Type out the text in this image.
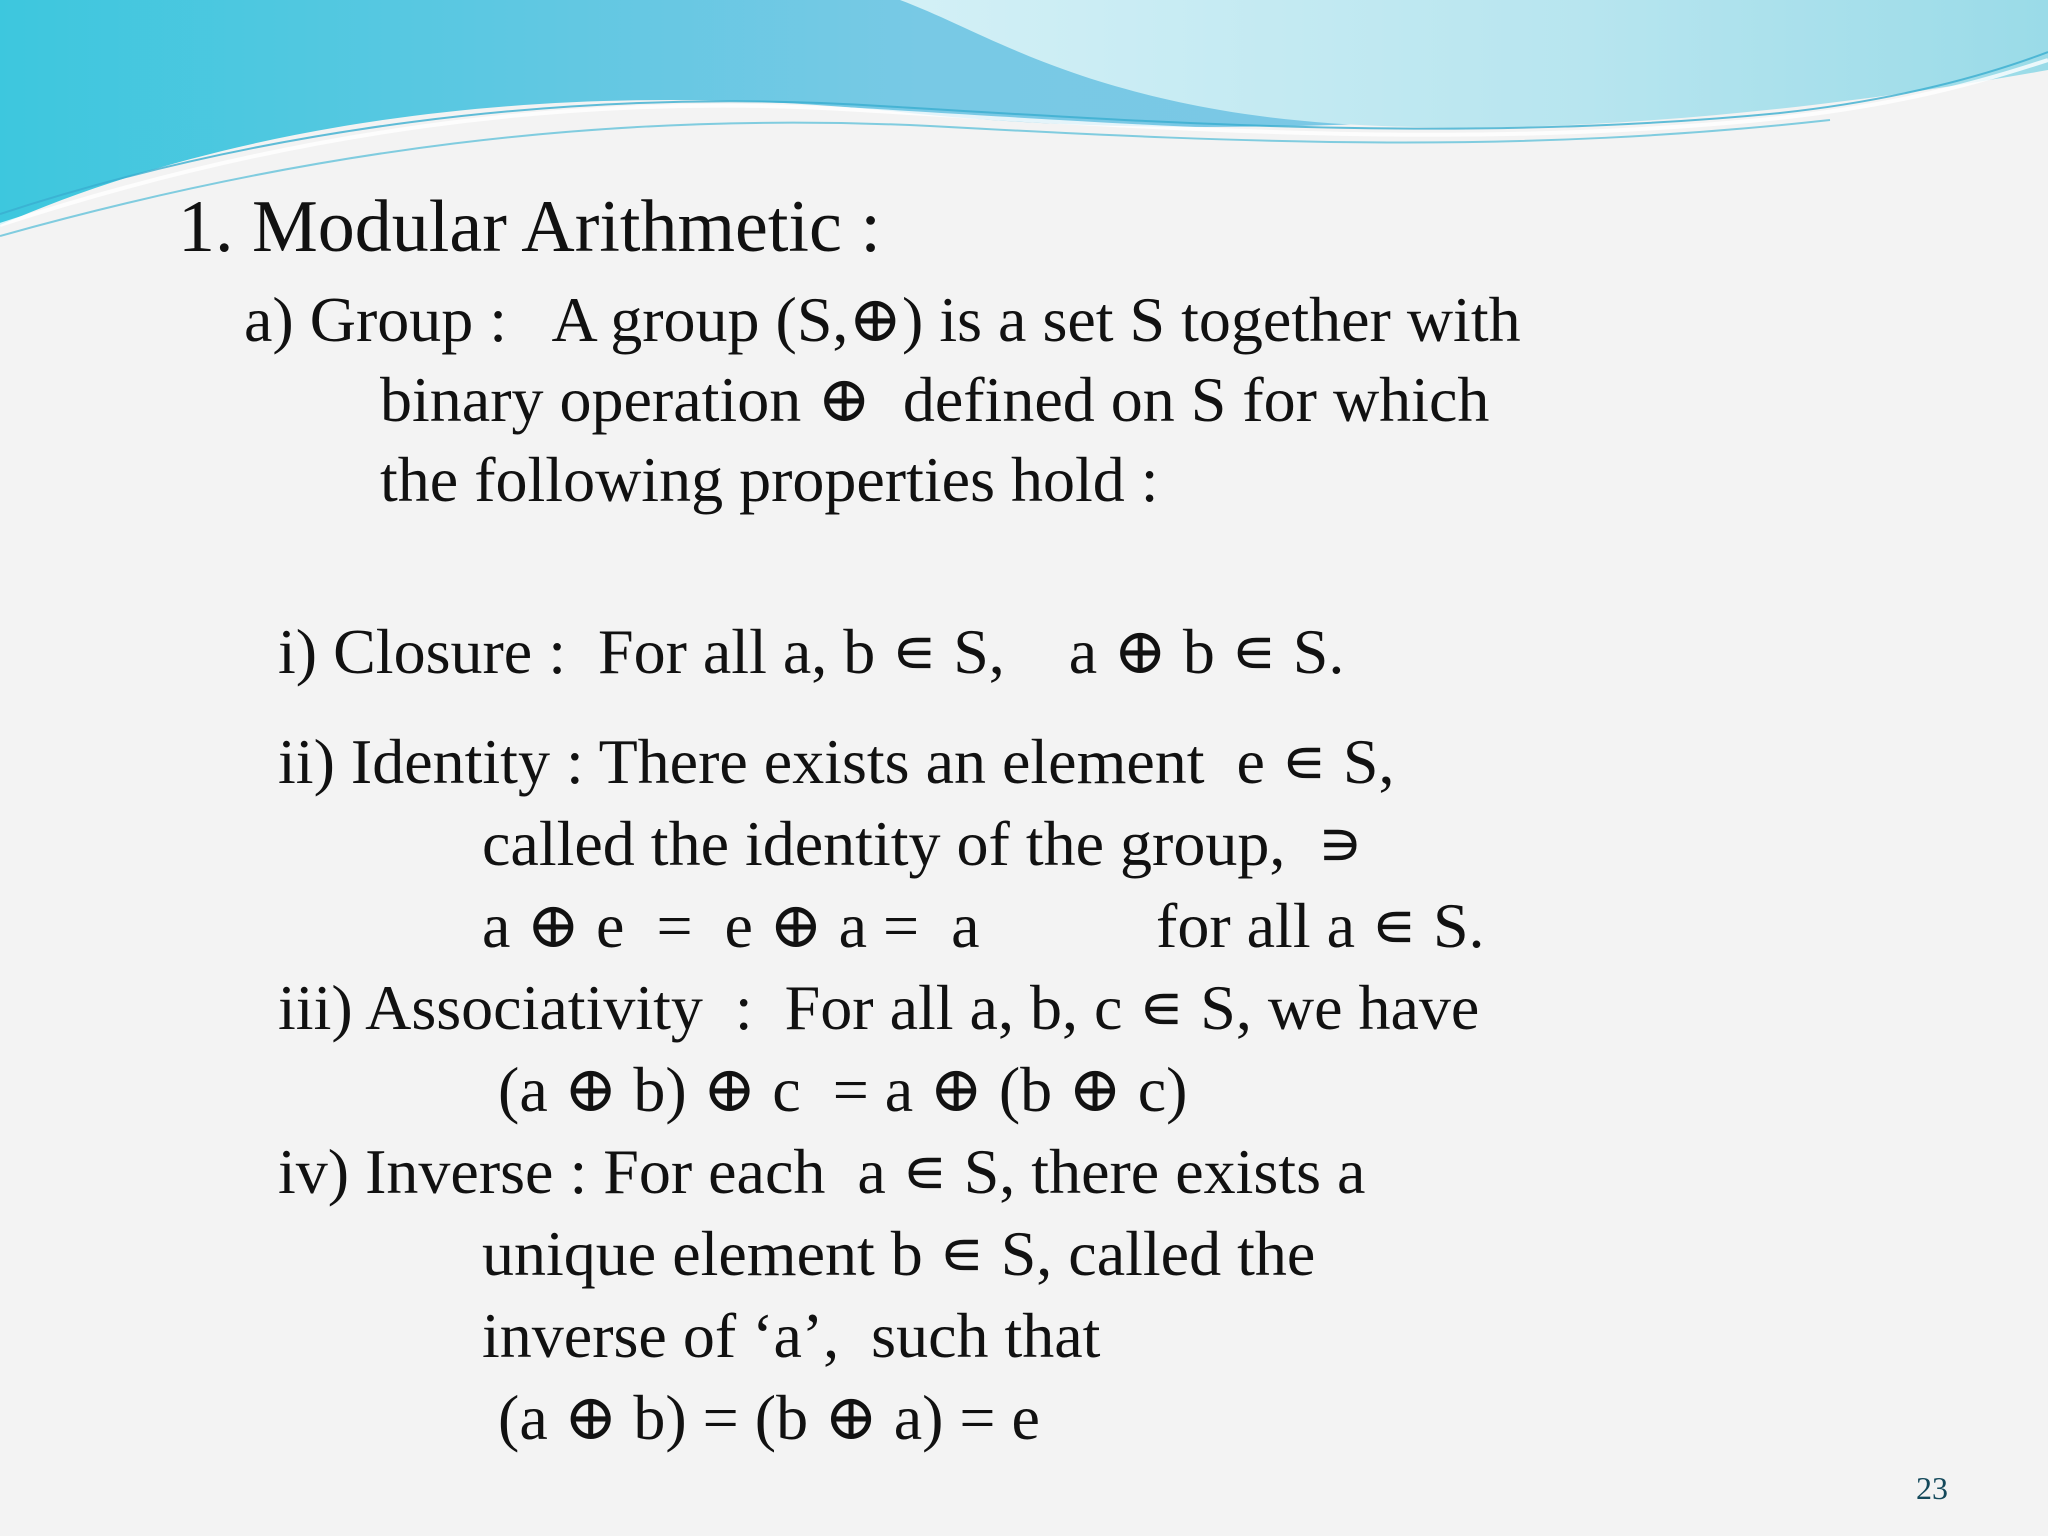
1. Modular Arithmetic :
a) Group :   A group (S,⊕) is a set S together with
binary operation ⊕  defined on S for which
the following properties hold :
i) Closure :  For all a, b ∊ S,    a ⊕ b ∊ S.
ii) Identity : There exists an element  e ∊ S,
called the identity of the group,  ∍
a ⊕ e  =  e ⊕ a =  a	for all a ∊ S.
iii) Associativity  :  For all a, b, c ∊ S, we have
(a ⊕ b) ⊕ c  = a ⊕ (b ⊕ c)
iv) Inverse : For each  a ∊ S, there exists a
unique element b ∊ S, called the
inverse of ‘a’,  such that
(a ⊕ b) = (b ⊕ a) = e
23
